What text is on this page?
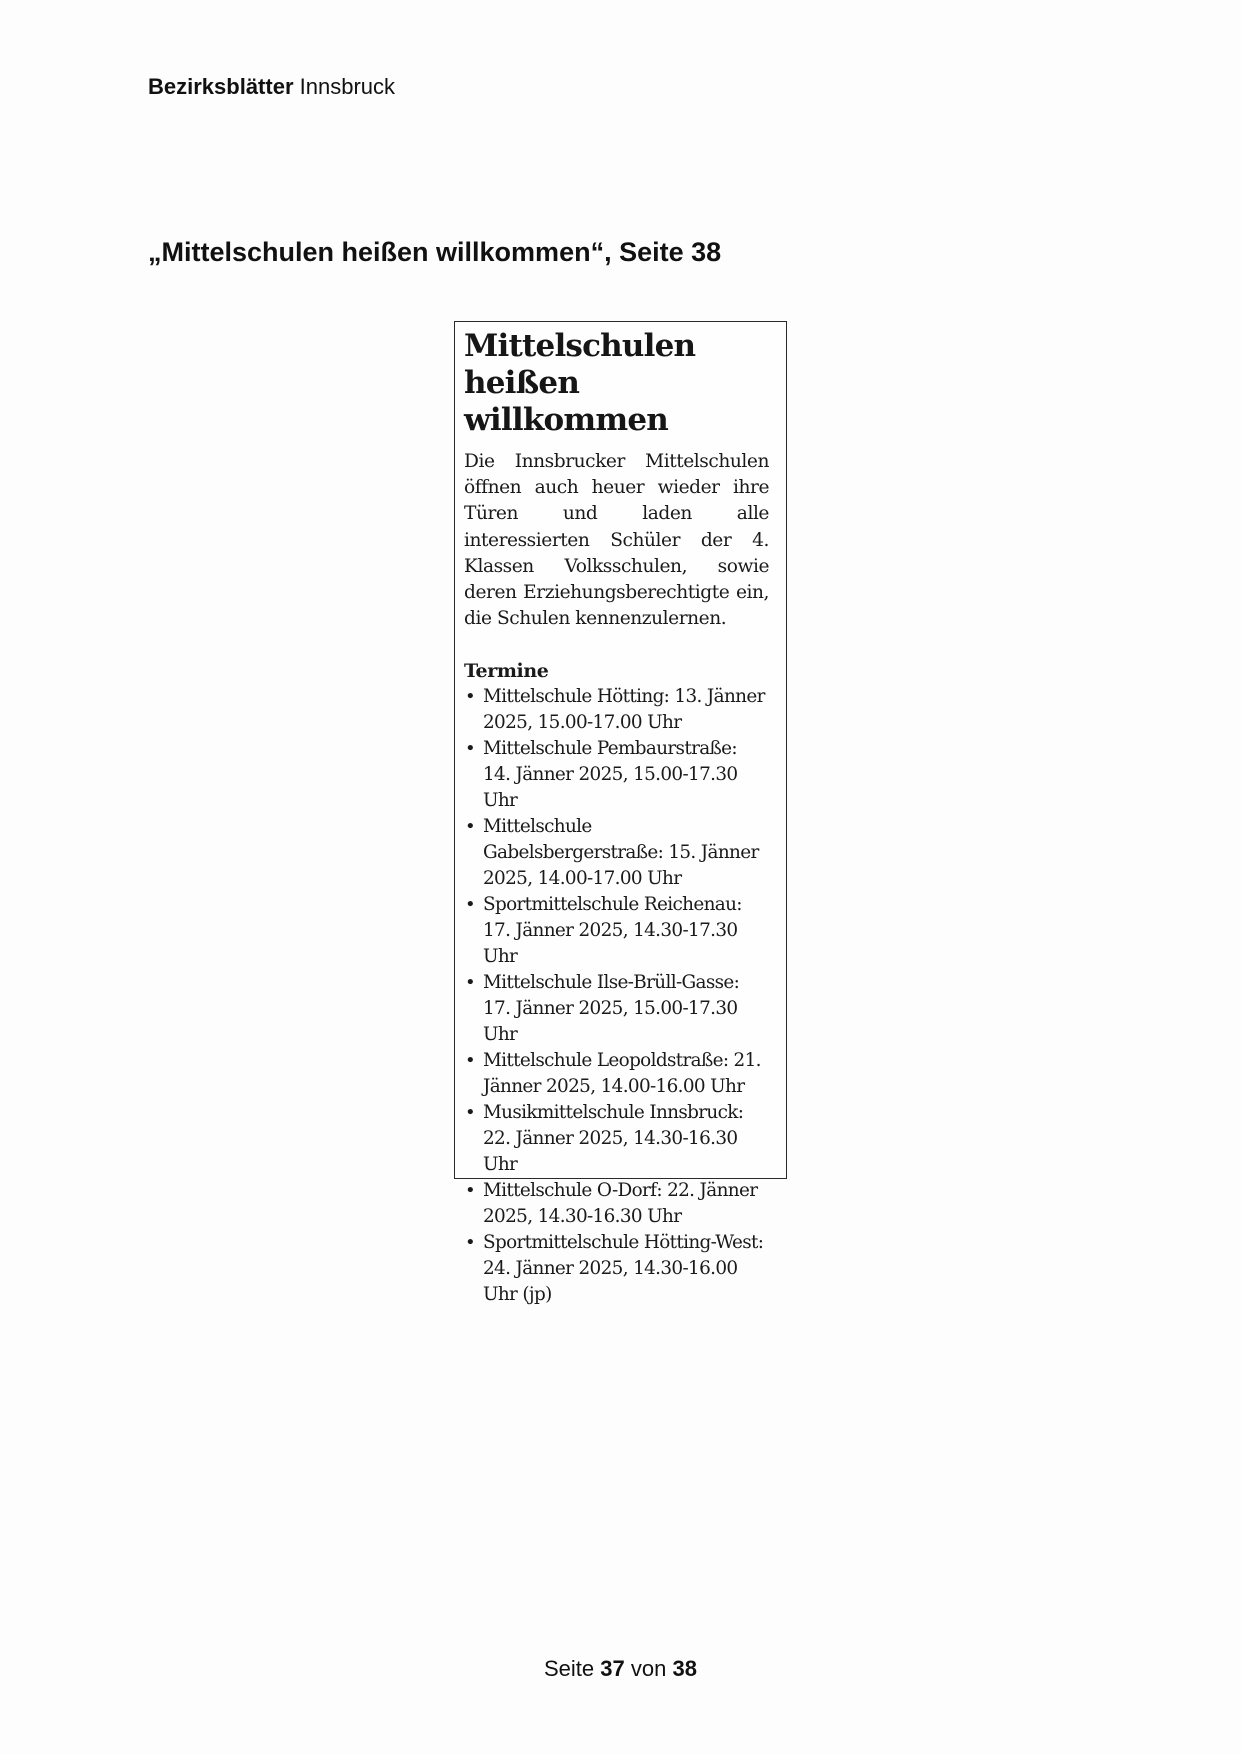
Bezirksblätter Innsbruck
„Mittelschulen heißen willkommen“, Seite 38
Mittelschulen heißen willkommen

Die Innsbrucker Mittelschulen öffnen auch heuer wieder ihre Türen und laden alle interessierten Schüler der 4. Klassen Volksschulen, sowie deren Erziehungsberechtigte ein, die Schulen kennenzulernen.

Termine
• Mittelschule Hötting: 13. Jänner 2025, 15.00-17.00 Uhr
• Mittelschule Pembaurstraße: 14. Jänner 2025, 15.00-17.30 Uhr
• Mittelschule Gabelsbergerstraße: 15. Jänner 2025, 14.00-17.00 Uhr
• Sportmittelschule Reichenau: 17. Jänner 2025, 14.30-17.30 Uhr
• Mittelschule Ilse-Brüll-Gasse: 17. Jänner 2025, 15.00-17.30 Uhr
• Mittelschule Leopoldstraße: 21. Jänner 2025, 14.00-16.00 Uhr
• Musikmittelschule Innsbruck: 22. Jänner 2025, 14.30-16.30 Uhr
• Mittelschule O-Dorf: 22. Jänner 2025, 14.30-16.30 Uhr
• Sportmittelschule Hötting-West: 24. Jänner 2025, 14.30-16.00 Uhr (jp)
Seite 37 von 38
